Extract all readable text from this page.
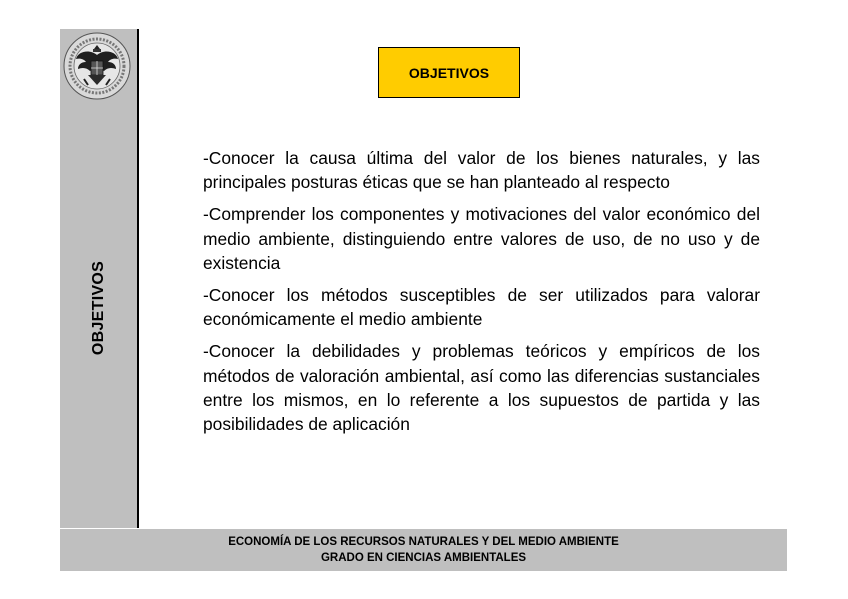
OBJETIVOS
OBJETIVOS

-Conocer la causa última del valor de los bienes naturales, y las principales posturas éticas que se han planteado al respecto

-Comprender los componentes y motivaciones del valor económico del medio ambiente, distinguiendo entre valores de uso, de no uso y de existencia

-Conocer los métodos susceptibles de ser utilizados para valorar económicamente el medio ambiente

-Conocer la debilidades y problemas teóricos y empíricos de los métodos de valoración ambiental, así como las diferencias sustanciales entre los mismos, en lo referente a los supuestos de partida y las posibilidades de aplicación

ECONOMÍA DE LOS RECURSOS NATURALES Y DEL MEDIO AMBIENTE
GRADO EN CIENCIAS AMBIENTALES
